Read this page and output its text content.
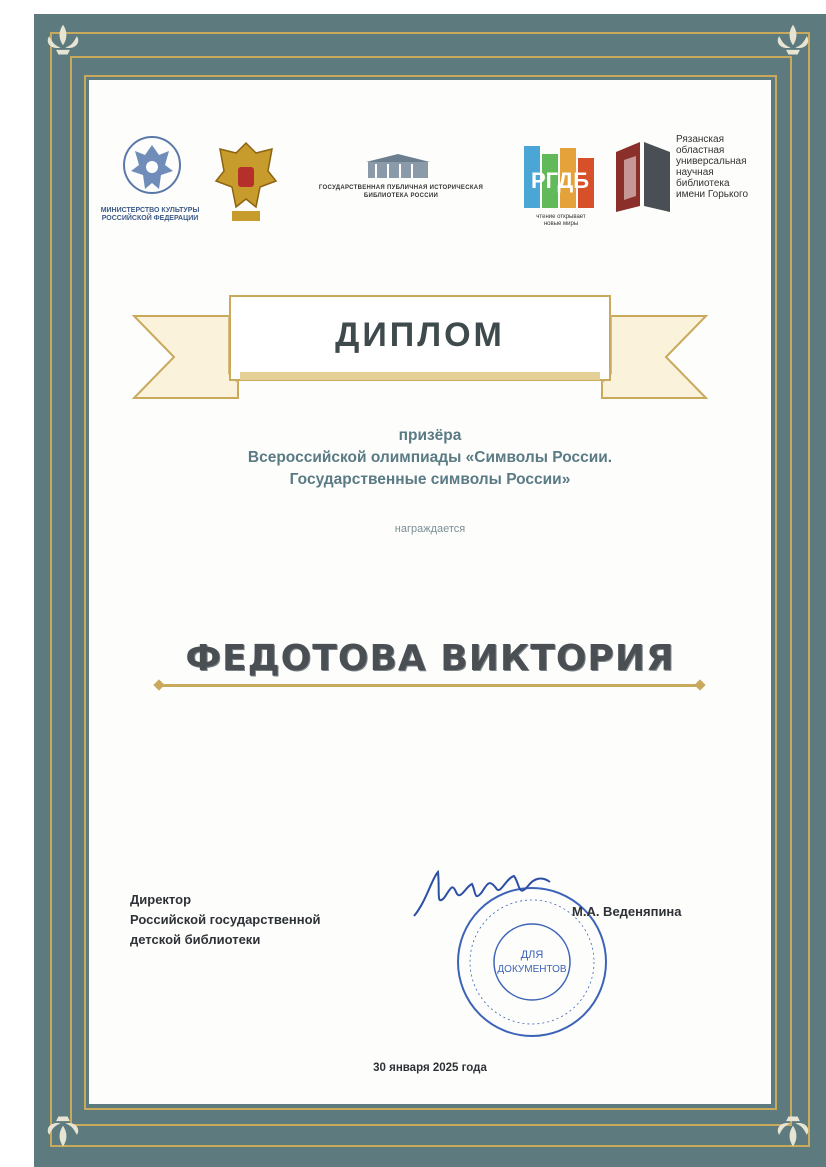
МИНИСТЕРСТВО КУЛЬТУРЫ
РОССИЙСКОЙ ФЕДЕРАЦИИ
ГОСУДАРСТВЕННАЯ ПУБЛИЧНАЯ ИСТОРИЧЕСКАЯ
БИБЛИОТЕКА РОССИИ
РГДБ
чтение открывает
новые миры
Рязанская
областная
универсальная
научная
библиотека
имени Горького
ДИПЛОМ
призёра
Всероссийской олимпиады «Символы России.
Государственные символы России»
награждается
ФЕДОТОВА ВИКТОРИЯ
Директор
Российской государственной
детской библиотеки
ДЛЯ
ДОКУМЕНТОВ
М.А. Веденяпина
30 января 2025 года
